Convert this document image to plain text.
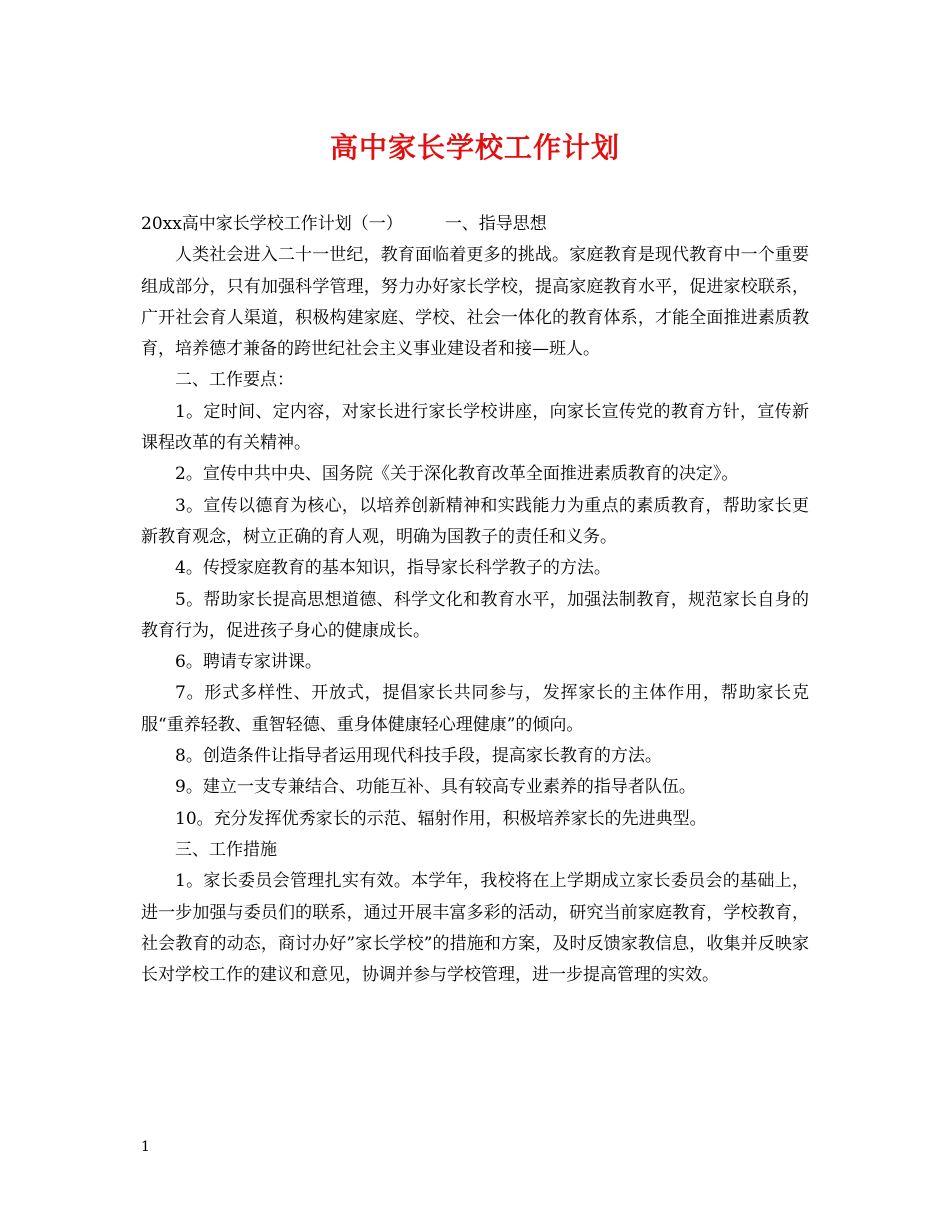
高中家长学校工作计划

20xx高中家长学校工作计划（一） 一、指导思想

人类社会进入二十一世纪，教育面临着更多的挑战。家庭教育是现代教育中一个重要组成部分，只有加强科学管理，努力办好家长学校，提高家庭教育水平，促进家校联系，广开社会育人渠道，积极构建家庭、学校、社会一体化的教育体系，才能全面推进素质教育，培养德才兼备的跨世纪社会主义事业建设者和接—班人。

二、工作要点：

1。定时间、定内容，对家长进行家长学校讲座，向家长宣传党的教育方针，宣传新课程改革的有关精神。

2。宣传中共中央、国务院《关于深化教育改革全面推进素质教育的决定》。

3。宣传以德育为核心，以培养创新精神和实践能力为重点的素质教育，帮助家长更新教育观念，树立正确的育人观，明确为国教子的责任和义务。

4。传授家庭教育的基本知识，指导家长科学教子的方法。

5。帮助家长提高思想道德、科学文化和教育水平，加强法制教育，规范家长自身的教育行为，促进孩子身心的健康成长。

6。聘请专家讲课。

7。形式多样性、开放式，提倡家长共同参与，发挥家长的主体作用，帮助家长克服“重养轻教、重智轻德、重身体健康轻心理健康”的倾向。

8。创造条件让指导者运用现代科技手段，提高家长教育的方法。

9。建立一支专兼结合、功能互补、具有较高专业素养的指导者队伍。

10。充分发挥优秀家长的示范、辐射作用，积极培养家长的先进典型。

三、工作措施

1。家长委员会管理扎实有效。本学年，我校将在上学期成立家长委员会的基础上，进一步加强与委员们的联系，通过开展丰富多彩的活动，研究当前家庭教育，学校教育，社会教育的动态，商讨办好”家长学校”的措施和方案，及时反馈家教信息，收集并反映家长对学校工作的建议和意见，协调并参与学校管理，进一步提高管理的实效。

1
